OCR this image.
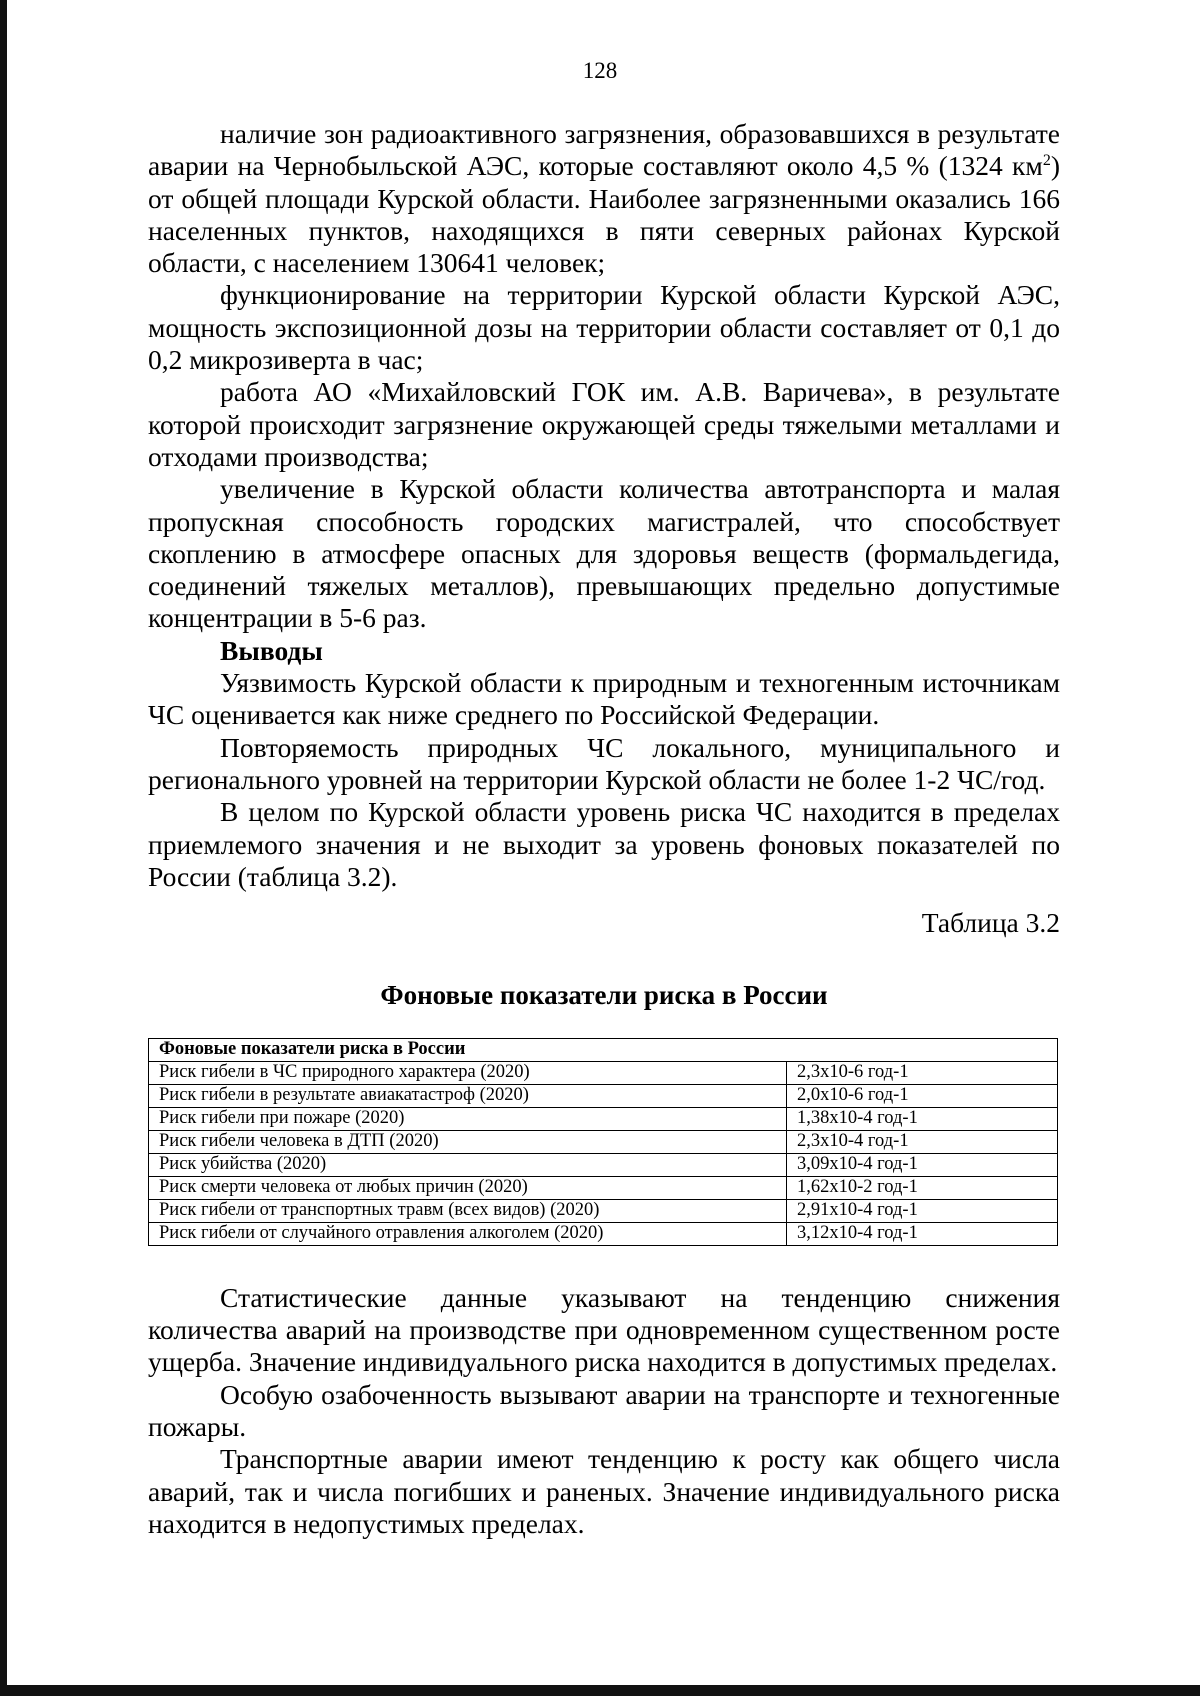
128

наличие зон радиоактивного загрязнения, образовавшихся в результате аварии на Чернобыльской АЭС, которые составляют около 4,5 % (1324 $км^2$) от общей площади Курской области. Наиболее загрязненными оказались 166 населенных пунктов, находящихся в пяти северных районах Курской области, с населением 130641 человек;

функционирование на территории Курской области Курской АЭС, мощность экспозиционной дозы на территории области составляет от 0,1 до 0,2 микрозиверта в час;

работа АО «Михайловский ГОК им. А.В. Варичева», в результате которой происходит загрязнение окружающей среды тяжелыми металлами и отходами производства;

увеличение в Курской области количества автотранспорта и малая пропускная способность городских магистралей, что способствует скоплению в атмосфере опасных для здоровья веществ (формальдегида, соединений тяжелых металлов), превышающих предельно допустимые концентрации в 5-6 раз.

Выводы

Уязвимость Курской области к природным и техногенным источникам ЧС оценивается как ниже среднего по Российской Федерации.

Повторяемость природных ЧС локального, муниципального и регионального уровней на территории Курской области не более 1-2 ЧС/год.

В целом по Курской области уровень риска ЧС находится в пределах приемлемого значения и не выходит за уровень фоновых показателей по России (таблица 3.2).

Таблица 3.2

Фоновые показатели риска в России

Фоновые показатели риска в России	
Риск гибели в ЧС природного характера (2020)	2,3x10-6 год-1
Риск гибели в результате авиакатастроф (2020)	2,0x10-6 год-1
Риск гибели при пожаре (2020)	1,38x10-4 год-1
Риск гибели человека в ДТП (2020)	2,3x10-4 год-1
Риск убийства (2020)	3,09x10-4 год-1
Риск смерти человека от любых причин (2020)	1,62x10-2 год-1
Риск гибели от транспортных травм (всех видов) (2020)	2,91x10-4 год-1
Риск гибели от случайного отравления алкоголем (2020)	3,12x10-4 год-1

Статистические данные указывают на тенденцию снижения количества аварий на производстве при одновременном существенном росте ущерба. Значение индивидуального риска находится в допустимых пределах.

Особую озабоченность вызывают аварии на транспорте и техногенные пожары.

Транспортные аварии имеют тенденцию к росту как общего числа аварий, так и числа погибших и раненых. Значение индивидуального риска находится в недопустимых пределах.
